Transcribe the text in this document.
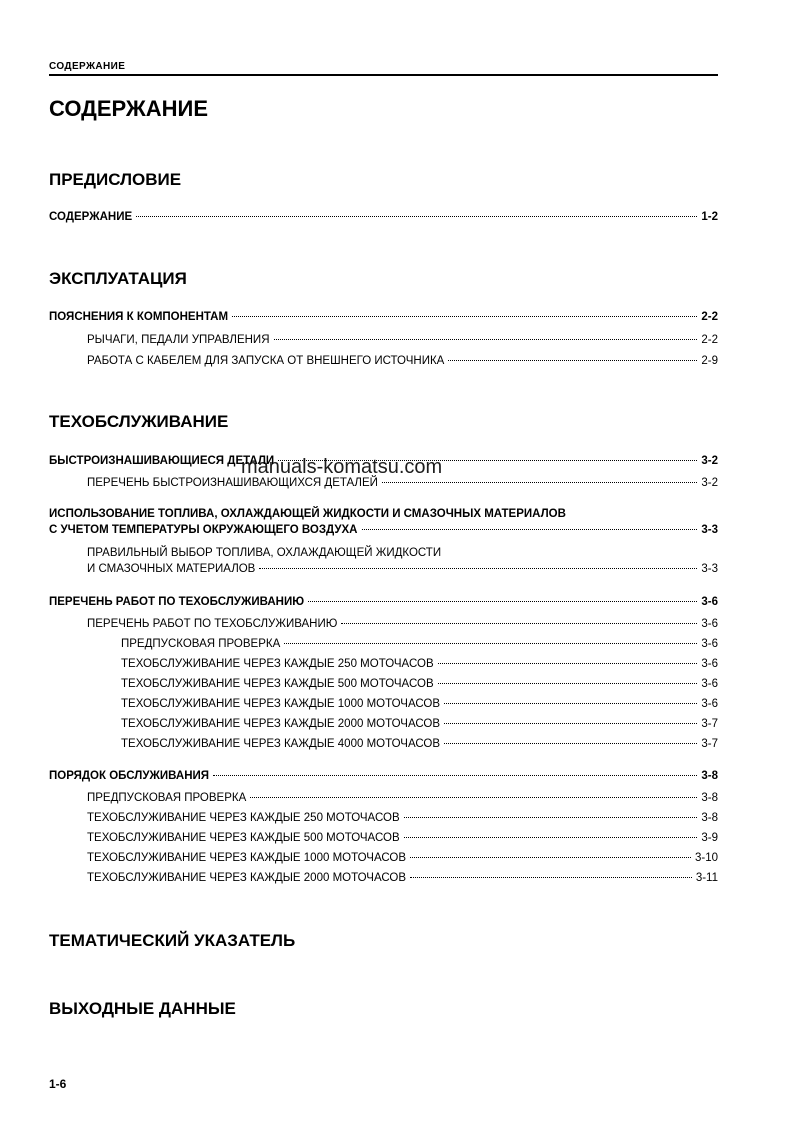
СОДЕРЖАНИЕ
СОДЕРЖАНИЕ
ПРЕДИСЛОВИЕ
СОДЕРЖАНИЕ	1-2
ЭКСПЛУАТАЦИЯ
ПОЯСНЕНИЯ К КОМПОНЕНТАМ	2-2
РЫЧАГИ, ПЕДАЛИ УПРАВЛЕНИЯ	2-2
РАБОТА С КАБЕЛЕМ ДЛЯ ЗАПУСКА ОТ ВНЕШНЕГО ИСТОЧНИКА	2-9
ТЕХОБСЛУЖИВАНИЕ
БЫСТРОИЗНАШИВАЮЩИЕСЯ ДЕТАЛИ	3-2
ПЕРЕЧЕНЬ БЫСТРОИЗНАШИВАЮЩИХСЯ ДЕТАЛЕЙ	3-2
ИСПОЛЬЗОВАНИЕ ТОПЛИВА, ОХЛАЖДАЮЩЕЙ ЖИДКОСТИ И СМАЗОЧНЫХ МАТЕРИАЛОВ
С УЧЕТОМ ТЕМПЕРАТУРЫ ОКРУЖАЮЩЕГО ВОЗДУХА	3-3
ПРАВИЛЬНЫЙ ВЫБОР ТОПЛИВА, ОХЛАЖДАЮЩЕЙ ЖИДКОСТИ
И СМАЗОЧНЫХ МАТЕРИАЛОВ	3-3
ПЕРЕЧЕНЬ РАБОТ ПО ТЕХОБСЛУЖИВАНИЮ	3-6
ПЕРЕЧЕНЬ РАБОТ ПО ТЕХОБСЛУЖИВАНИЮ	3-6
ПРЕДПУСКОВАЯ ПРОВЕРКА	3-6
ТЕХОБСЛУЖИВАНИЕ ЧЕРЕЗ КАЖДЫЕ 250 МОТОЧАСОВ	3-6
ТЕХОБСЛУЖИВАНИЕ ЧЕРЕЗ КАЖДЫЕ 500 МОТОЧАСОВ	3-6
ТЕХОБСЛУЖИВАНИЕ ЧЕРЕЗ КАЖДЫЕ 1000 МОТОЧАСОВ	3-6
ТЕХОБСЛУЖИВАНИЕ ЧЕРЕЗ КАЖДЫЕ 2000 МОТОЧАСОВ	3-7
ТЕХОБСЛУЖИВАНИЕ ЧЕРЕЗ КАЖДЫЕ 4000 МОТОЧАСОВ	3-7
ПОРЯДОК ОБСЛУЖИВАНИЯ	3-8
ПРЕДПУСКОВАЯ ПРОВЕРКА	3-8
ТЕХОБСЛУЖИВАНИЕ ЧЕРЕЗ КАЖДЫЕ 250 МОТОЧАСОВ	3-8
ТЕХОБСЛУЖИВАНИЕ ЧЕРЕЗ КАЖДЫЕ 500 МОТОЧАСОВ	3-9
ТЕХОБСЛУЖИВАНИЕ ЧЕРЕЗ КАЖДЫЕ 1000 МОТОЧАСОВ	3-10
ТЕХОБСЛУЖИВАНИЕ ЧЕРЕЗ КАЖДЫЕ 2000 МОТОЧАСОВ	3-11
ТЕМАТИЧЕСКИЙ УКАЗАТЕЛЬ
ВЫХОДНЫЕ ДАННЫЕ
manuals-komatsu.com
1-6
